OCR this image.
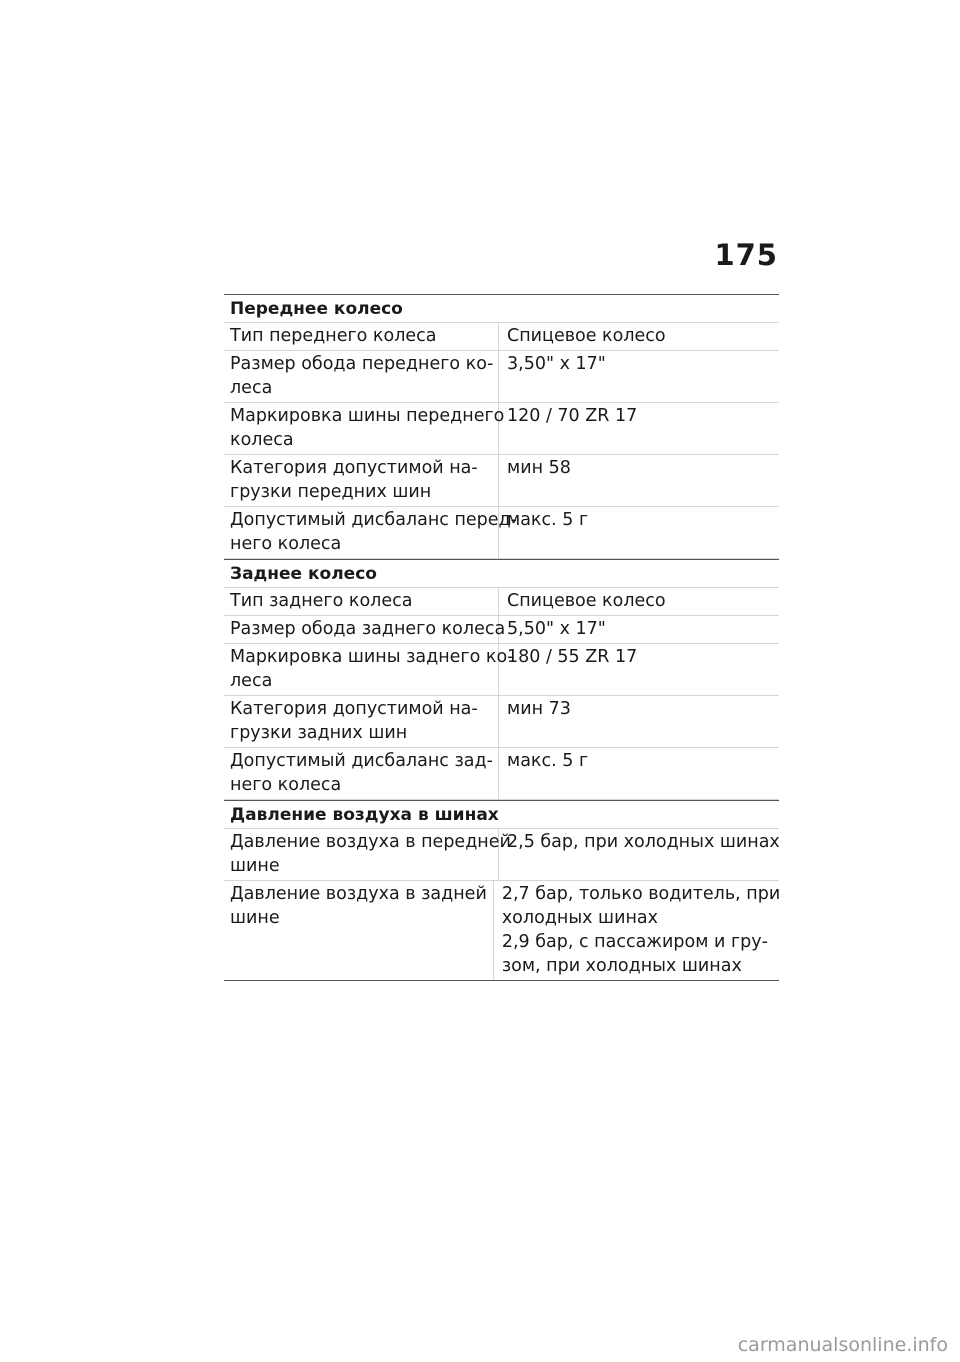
175
Переднее колесо
Тип переднего колеса	Спицевое колесо
Размер обода переднего ко-
леса
3,50" x 17"
Маркировка шины переднего
колеса
120 / 70 ZR 17
Категория допустимой на-
грузки передних шин
мин 58
Допустимый дисбаланс перед-
него колеса
макс. 5 г
Заднее колесо
Тип заднего колеса	Спицевое колесо
Размер обода заднего колеса 5,50" x 17"
Маркировка шины заднего ко-
леса
180 / 55 ZR 17
Категория допустимой на-
грузки задних шин
мин 73
Допустимый дисбаланс зад-
него колеса
макс. 5 г
Давление воздуха в шинах
Давление воздуха в передней
шине
2,5 бар, при холодных шинах
Давление воздуха в задней
шине
2,7 бар, только водитель, при
холодных шинах
2,9 бар, с пассажиром и гру-
зом, при холодных шинах
carmanualsonline.info
